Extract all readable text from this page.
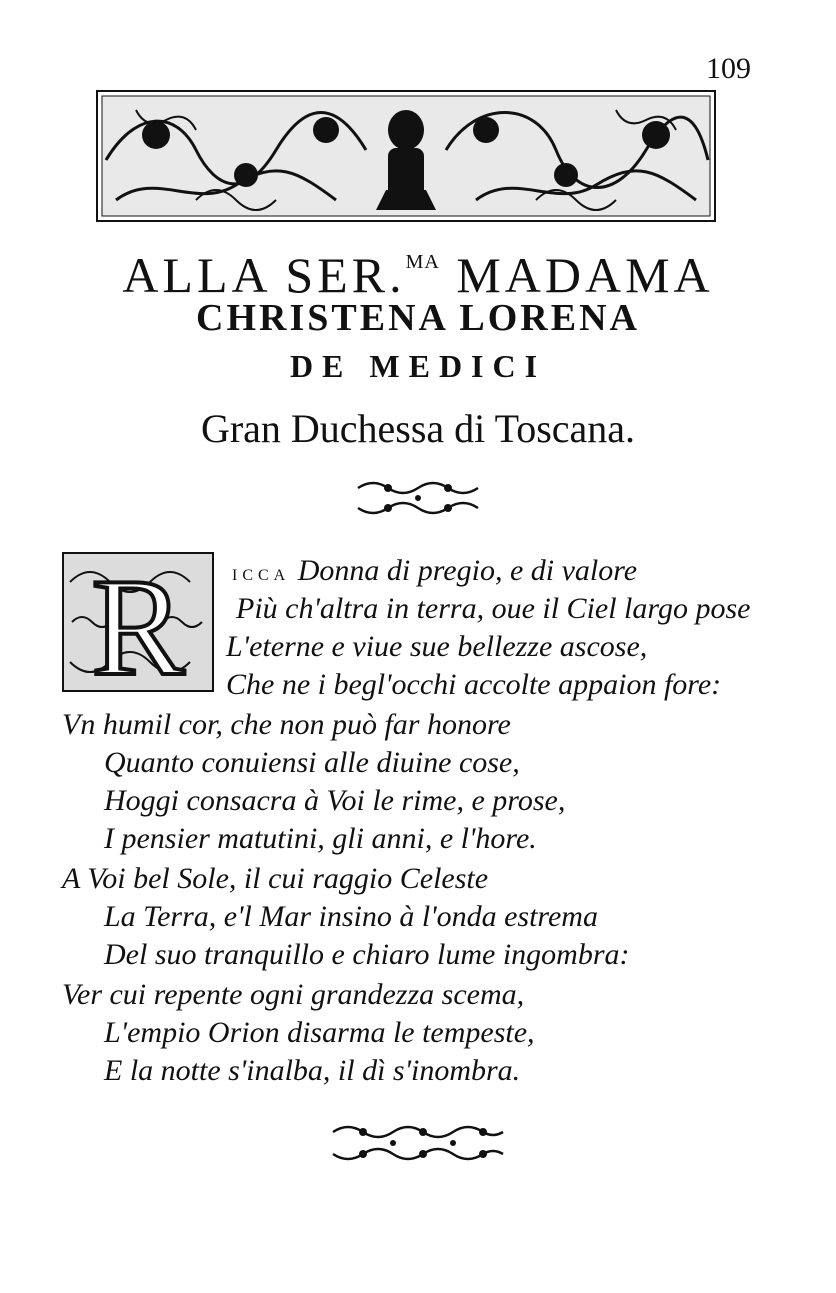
109
ALLA SER.$^{MA}$ MADAMA
CHRISTENA LORENA
DE MEDICI
Gran Duchessa di Toscana.
R	ICCA Donna di pregio, e di valore
Più ch'altra in terra, oue il Ciel largo pose
L'eterne e viue sue bellezze ascose,
Che ne i begl'occhi accolte appaion fore:
Vn humil cor, che non può far honore
Quanto conuiensi alle diuine cose,
Hoggi consacra à Voi le rime, e prose,
I pensier matutini, gli anni, e l'hore.
A Voi bel Sole, il cui raggio Celeste
La Terra, e'l Mar insino à l'onda estrema
Del suo tranquillo e chiaro lume ingombra:
Ver cui repente ogni grandezza scema,
L'empio Orion disarma le tempeste,
E la notte s'inalba, il dì s'inombra.
